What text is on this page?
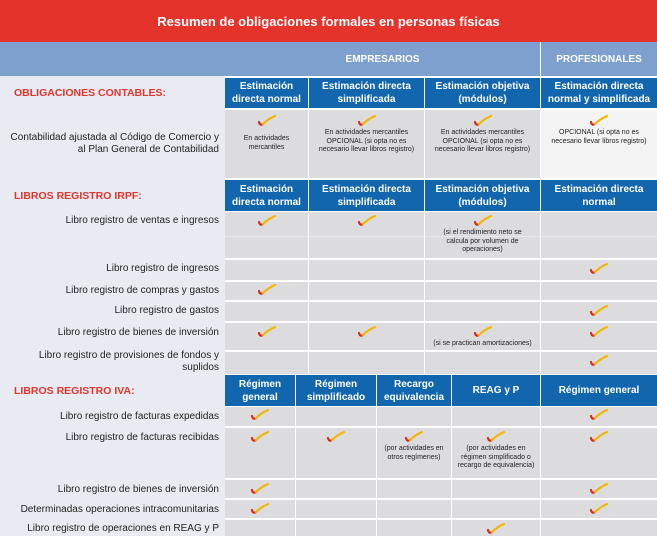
Resumen de obligaciones formales en personas físicas
EMPRESARIOS	PROFESIONALES
OBLIGACIONES CONTABLES:
Estimación directa normal
Estimación directa simplificada
Estimación objetiva (módulos)
Estimación directa normal y simplificada
Contabilidad ajustada al Código de Comercio y al Plan General de Contabilidad
En actividades mercantiles
En actividades mercantiles OPCIONAL (si opta no es necesario llevar libros registro)
En actividades mercantiles OPCIONAL (si opta no es necesario llevar libros registro)
OPCIONAL (si opta no es necesario llevar libros registro)
LIBROS REGISTRO IRPF:
Estimación directa normal
Estimación directa simplificada
Estimación objetiva (módulos)
Estimación directa normal
Libro registro de ventas e ingresos
Libro registro de ingresos
Libro registro de compras y gastos
Libro registro de gastos
Libro registro de bienes de inversión
Libro registro de provisiones de fondos y suplidos
(si el rendimiento neto se calcula por volumen de operaciones)
(si se practican amortizaciones)
LIBROS REGISTRO IVA:
Régimen general
Régimen simplificado
Recargo equivalencia
REAG y P	Régimen general
Libro registro de facturas expedidas
Libro registro de facturas recibidas
Libro registro de bienes de inversión
Determinadas operaciones intracomunitarias
Libro registro de operaciones en REAG y P
(por actividades en otros regímenes)
(por actividades en régimen simplificado o recargo de equivalencia)
